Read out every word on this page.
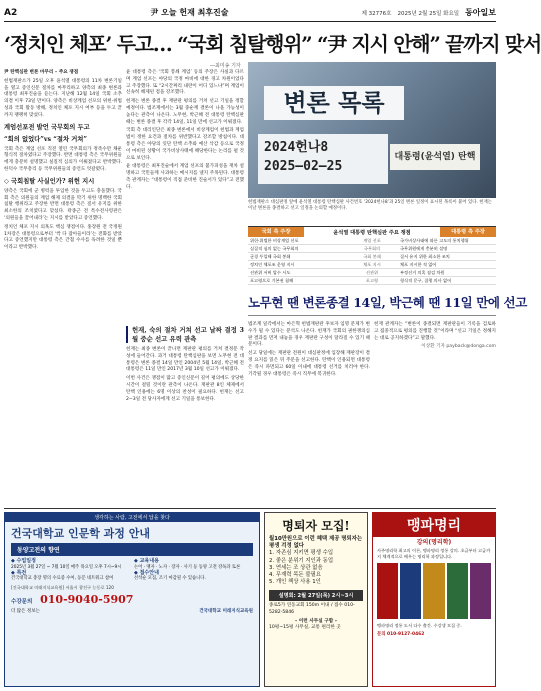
A2	尹 오늘 헌재 최후진술	제 32776호 2025년 2월 25일 화요일 동아일보
‘정치인 체포’ 두고… “국회 침탈행위” “尹 지시 안해” 끝까지 맞서
―최미송 기자

尹 탄핵심판 변론 마무리 – 주요 쟁점

헌법재판소가 25일 오후 윤석열 대통령의 11차 변론기일을 열고 증인신문 절차를 마무리하고 양측의 최종 변론과 대통령 최후진술을 듣는다. 지난해 12월 14일 국회 소추 의결 이후 73일 만이다. 양측은 비상계엄 선포의 위헌·위법성과 국회 활동 방해, 정치인 체포 지시 여부 등을 두고 끝까지 팽팽히 맞섰다.

계엄선포전 발언 국무회의 두고

“회의 없었다”vs “절차 거쳐”

국회 측은 계엄 선포 직전 열린 국무회의가 정족수만 채운 형식적 절차였다고 주장했다. 반면 대통령 측은 국무위원들에게 충분히 설명했고 실질적 심의가 이뤄졌다고 반박했다. 한덕수 국무총리 등 국무위원들의 증언도 엇갈렸다.

◇ 국회침탈 사실인가? 위헌 지시

양측은 국회에 군 병력을 투입한 것을 두고도 충돌했다. 국회 측은 의원들의 계엄 해제 의결을 막기 위한 명백한 국회 침탈 행위라고 주장한 반면 대통령 측은 질서 유지를 위한 최소한의 조치였다고 맞섰다. 곽종근 전 특수전사령관은 ‘의원들을 끌어내라’는 지시를 받았다고 증언했다.

정치인 체포 지시 의혹도 핵심 쟁점이다. 홍장원 전 국정원 1차장은 대통령으로부터 ‘싹 다 잡아들이라’는 전화를 받았다고 증언했지만 대통령 측은 간첩 수사를 독려한 것일 뿐이라고 반박했다.

윤 대통령 측은 ‘국회 봉쇄 계엄’ 등의 주장은 사실과 다르며 계엄 선포는 야당의 국정 마비에 대한 경고 차원이었다고 주장했다. 또 “2시간짜리 내란이 어디 있느냐”며 계엄이 신속히 해제된 점을 강조했다.

헌재는 변론 종결 후 재판관 평의를 거쳐 선고 기일을 정할 예정이다. 법조계에서는 3월 중순께 결론이 나올 가능성이 높다는 관측이 나온다. 노무현, 박근혜 전 대통령 탄핵심판 때는 변론 종결 후 각각 14일, 11일 만에 선고가 이뤄졌다.

국회 측 대리인단은 최종 변론에서 비상계엄이 헌법과 계엄법이 정한 요건과 절차를 위반했다고 강조할 방침이다. 대통령 측은 야당의 잇단 탄핵 소추와 예산 삭감 등으로 국정이 마비된 상황이 국가비상사태에 해당한다는 논리를 펼 것으로 보인다.

윤 대통령은 최후진술에서 계엄 선포의 불가피성을 재차 설명하고 국민들께 사과하는 메시지를 낼지 주목된다. 대통령 측 관계자는 “대통령이 직접 준비한 진술서가 있다”고 전했다.

변론 목록
2024헌나8
2025–02–25
대통령(윤석열) 탄핵
헌법재판소 대심판정 앞에 윤석열 대통령 탄핵심판 사건번호 ‘2024헌나8’과 25일 변론 일정이 표시된 목록이 붙어 있다. 헌재는 이날 변론을 종결하고 선고 일정을 논의할 예정이다.
국회 측 주장	윤석열 대통령 탄핵심판 주요 쟁점	대통령 측 주장
위헌·위법한 비상계엄 선포	계엄 선포	국가비상사태에 따른 고도의 통치행위
실질적 심의 없는 국무회의	국무회의	국무위원에게 충분히 설명
군경 투입해 국회 봉쇄	국회 봉쇄	질서 유지 위한 최소한 조치
정치인 체포조 운영 지시	체포 지시	체포 지시한 적 없어
선관위 서버 압수 시도	선관위	부정선거 의혹 점검 차원
포고령으로 기본권 침해	포고령	형식적 문구, 집행 의사 없어
노무현 땐 변론종결 14일, 박근혜 땐 11일 만에 선고
헌재, 숙의 절차 거쳐 선고 날짜 결정 3월 중순 선고 유력 관측

헌재는 최종 변론이 끝나면 재판관 평의를 거쳐 결정문 작성에 들어간다. 과거 대통령 탄핵심판을 보면 노무현 전 대통령은 변론 종결 14일 만인 2004년 5월 14일, 박근혜 전 대통령은 11일 만인 2017년 3월 10일 선고가 이뤄졌다.

이번 사건은 쟁점이 많고 증인신문이 길어 평의에도 상당한 시간이 걸릴 것이란 관측이 나온다. 재판관 8인 체제에서 탄핵 인용에는 6명 이상의 찬성이 필요하다. 헌재는 선고 2∼3일 전 당사자에게 선고 기일을 통보한다.

법조계 일각에서는 마은혁 헌법재판관 후보자 임명 문제가 변수가 될 수 있다는 분석도 나온다. 헌재가 국회의 권한쟁의심판 결과를 먼저 내놓을 경우 재판관 구성이 달라질 수 있기 때문이다.

선고 당일에는 재판관 전원이 대심판정에 입장해 재판장이 결정 요지를 읽은 뒤 주문을 선고한다. 탄핵이 인용되면 대통령은 즉시 파면되고 60일 이내에 대통령 선거를 치러야 한다. 기각될 경우 대통령은 즉시 직무에 복귀한다.

헌재 관계자는 “변론이 종결되면 재판관들이 기록을 검토하고 집중적으로 평의를 진행할 것”이라며 “선고 기일은 정해지는 대로 공지하겠다”고 말했다.

이상환 기자 payback@donga.com

생각하는 사람, 고전에서 답을 찾다
건국대학교 인문학 과정 안내
동양고전의 향연
◆ 수업일정
2025년 3월 27일 ~ 7월 10일 매주 목요일 오후 7시~9시
◆ 특전
건국대학교 총장 명의 수료증 수여, 동문 네트워크 참여
◆ 교육내용
논어 · 맹자 · 노자 · 장자 · 사기 등 동양 고전 강독과 토론
◆ 접수안내
선착순 모집, 조기 마감될 수 있습니다.
[건국대학교 미래지식교육원] 서울시 광진구 능동로 120
수강문의 010-9040-5907
더 많은 정보는	건국대학교 미래지식교육원
명퇴자 모집!
월10만원으로 이런 혜택 제공 명퇴자는 평생 걱정 없다
1. 자존심 지키면 평생 수입
2. 좋은 분위기 지인과 동업
3. 연세는 조 상관 없음
4. 무재력 목돈 불필요
5. 개인 책상 사용 1인
설명회: 2월 27일(목) 2시~3시
종로5가 연동교회 150m 이내 / 접수 010-5282-5846
– 이런 사무실 구함 –
10평~15평 사무실, 교통 편리한 곳
맹파명리
강의(명리학)
사주명리학 최고의 이론, 맹파명리 정통 강의. 초급부터 고급까지 체계적으로 배우는 명리학 과정입니다.
맹파명리 정통 도서 다수 출간. 수강생 모집 중.
문의 010-9127-0462
